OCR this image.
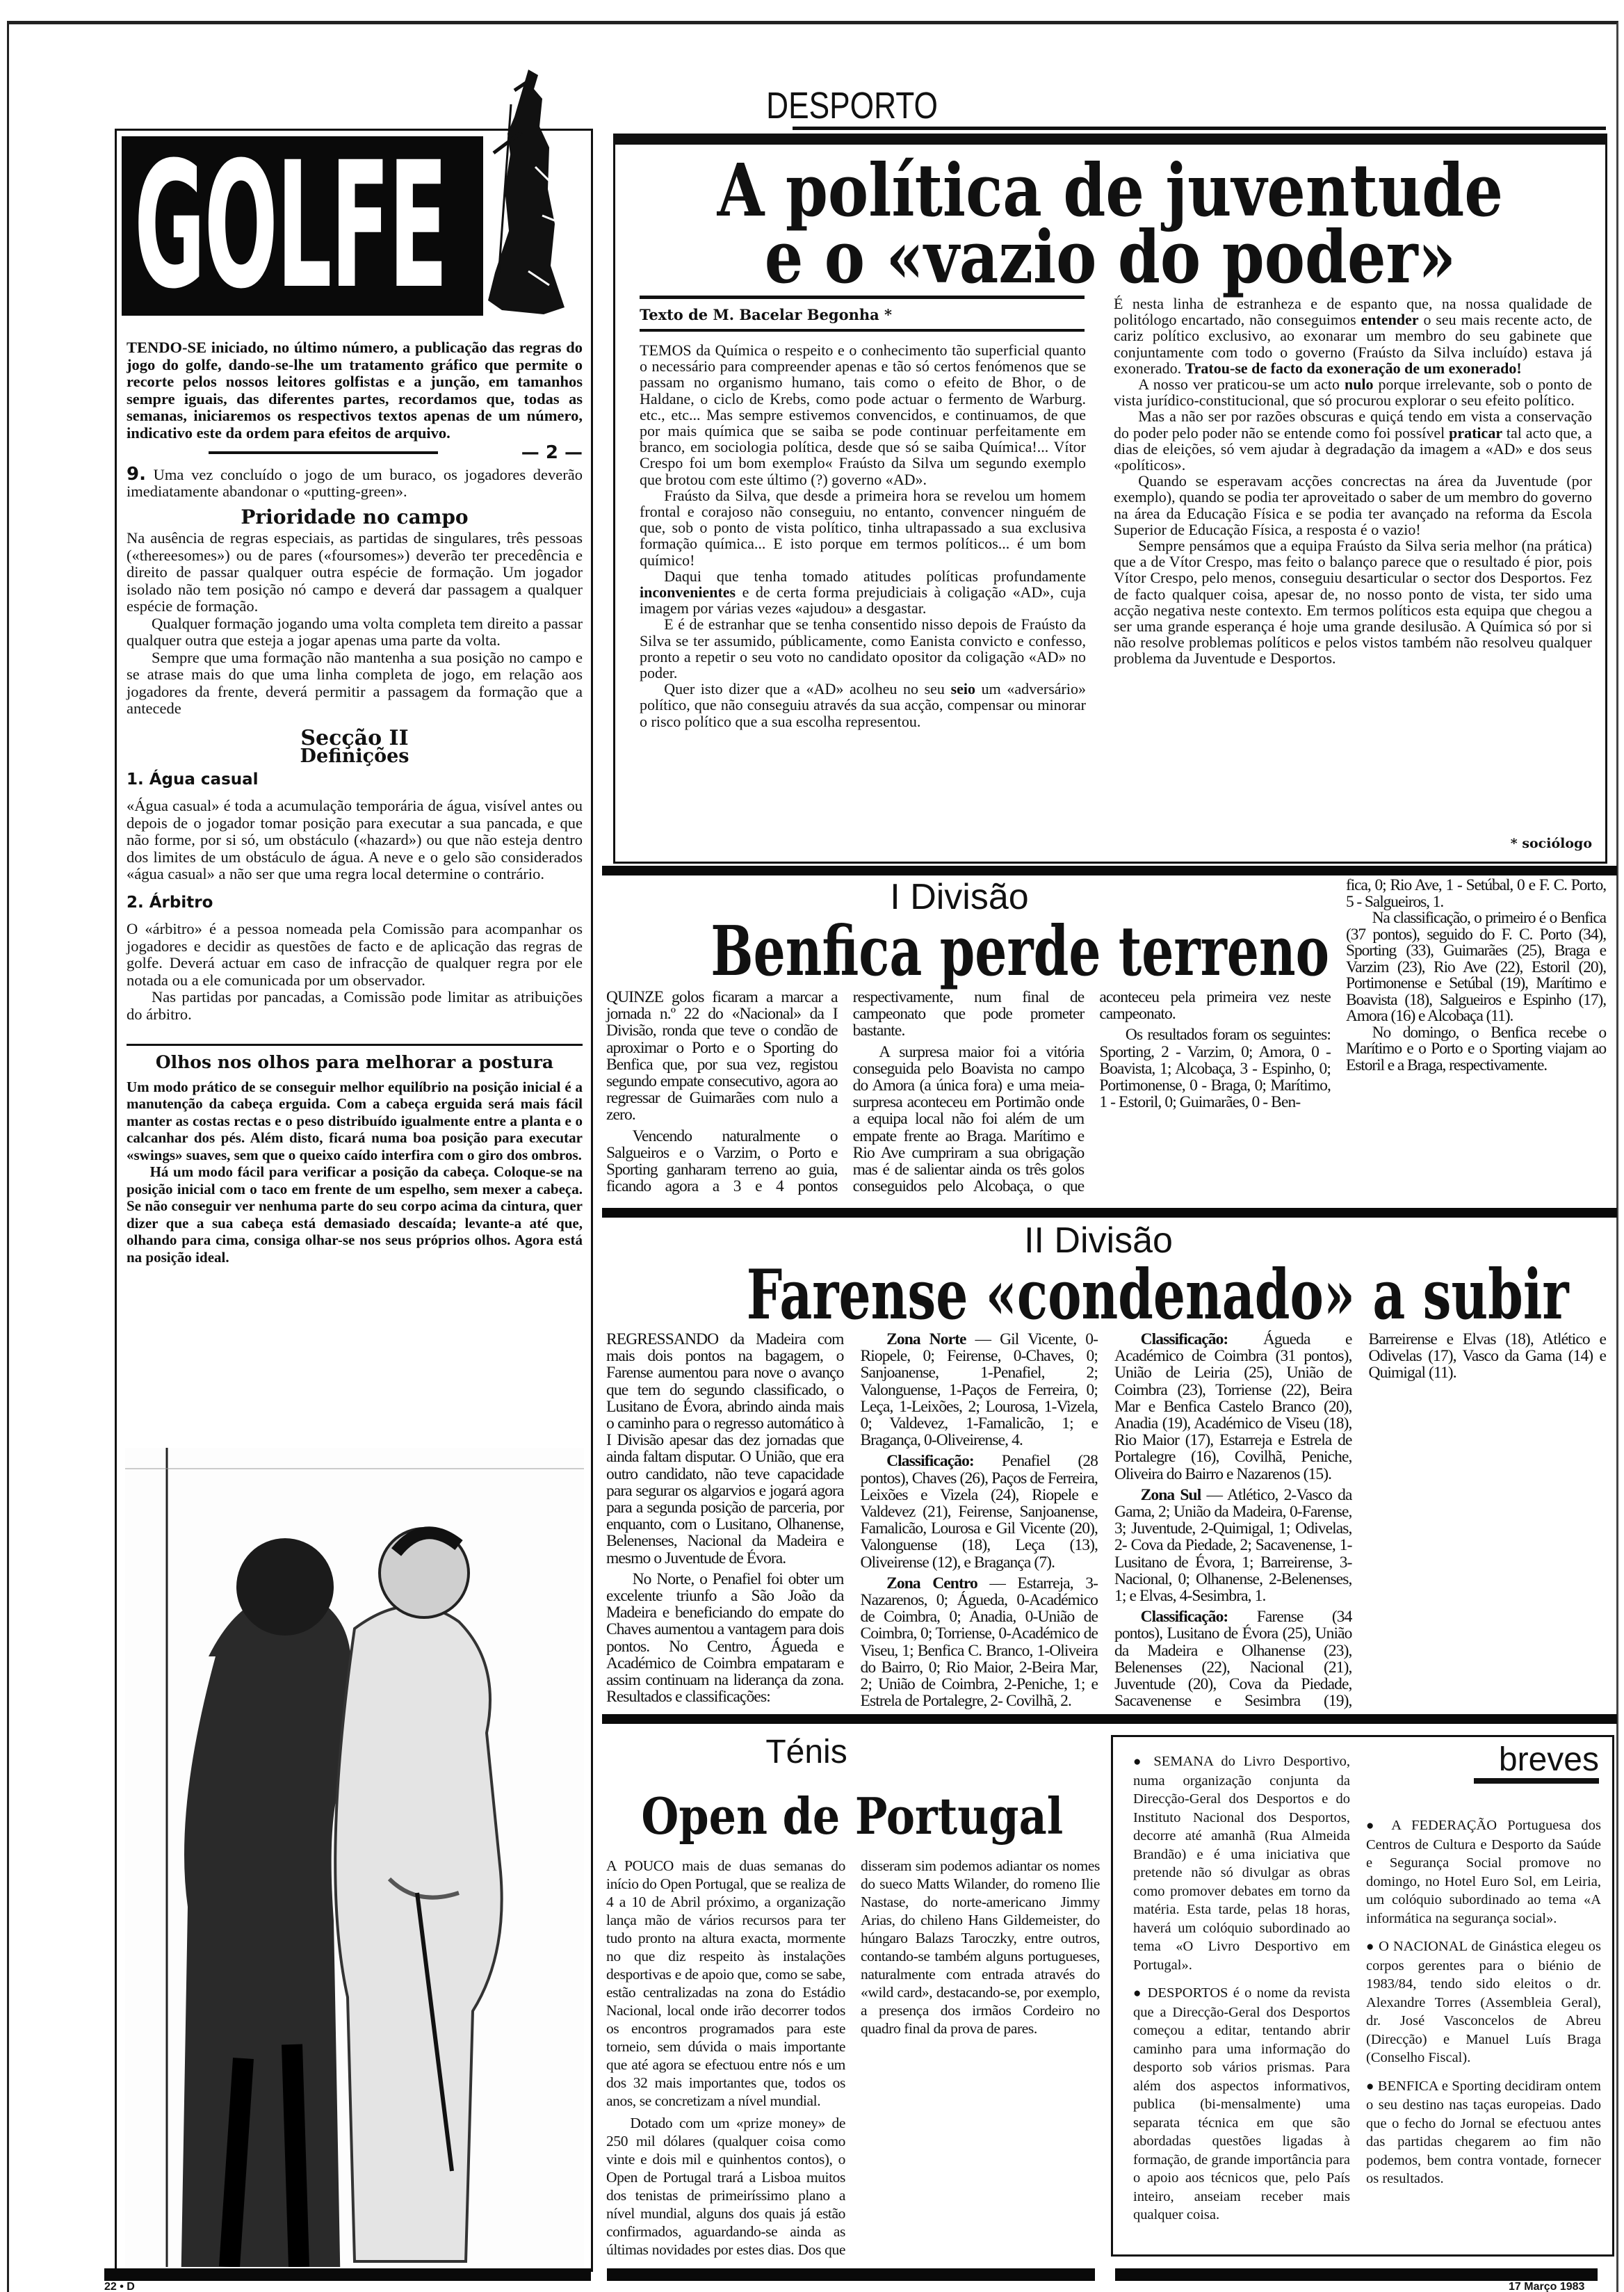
DESPORTO
GOLFE

TENDO-SE iniciado, no último número, a publicação das regras do jogo do golfe, dando-se-lhe um tratamento gráfico que permite o recorte pelos nossos leitores golfistas e a junção, em tamanhos sempre iguais, das diferentes partes, recordamos que, todas as semanas, iniciaremos os respectivos textos apenas de um número, indicativo este da ordem para efeitos de arquivo.

— 2 —

9. Uma vez concluído o jogo de um buraco, os jogadores deverão imediatamente abandonar o «putting-green».

Prioridade no campo

Na ausência de regras especiais, as partidas de singulares, três pessoas («thereesomes») ou de pares («foursomes») deverão ter precedência e direito de passar qualquer outra espécie de formação. Um jogador isolado não tem posição nó campo e deverá dar passagem a qualquer espécie de formação.

Qualquer formação jogando uma volta completa tem direito a passar qualquer outra que esteja a jogar apenas uma parte da volta.

Sempre que uma formação não mantenha a sua posição no campo e se atrase mais do que uma linha completa de jogo, em relação aos jogadores da frente, deverá permitir a passagem da formação que a antecede

Secção II
Definições
1. Água casual

«Água casual» é toda a acumulação temporária de água, visível antes ou depois de o jogador tomar posição para executar a sua pancada, e que não forme, por si só, um obstáculo («hazard») ou que não esteja dentro dos limites de um obstáculo de água. A neve e o gelo são considerados «água casual» a não ser que uma regra local determine o contrário.

2. Árbitro

O «árbitro» é a pessoa nomeada pela Comissão para acompanhar os jogadores e decidir as questões de facto e de aplicação das regras de golfe. Deverá actuar em caso de infracção de qualquer regra por ele notada ou a ele comunicada por um observador.

Nas partidas por pancadas, a Comissão pode limitar as atribuições do árbitro.

Olhos nos olhos para melhorar a postura

Um modo prático de se conseguir melhor equilíbrio na posição inicial é a manutenção da cabeça erguida. Com a cabeça erguida será mais fácil manter as costas rectas e o peso distribuído igualmente entre a planta e o calcanhar dos pés. Além disto, ficará numa boa posição para executar «swings» suaves, sem que o queixo caído interfira com o giro dos ombros.

Há um modo fácil para verificar a posição da cabeça. Coloque-se na posição inicial com o taco em frente de um espelho, sem mexer a cabeça. Se não conseguir ver nenhuma parte do seu corpo acima da cintura, quer dizer que a sua cabeça está demasiado descaída; levante-a até que, olhando para cima, consiga olhar-se nos seus próprios olhos. Agora está na posição ideal.

A política de juventude
e o «vazio do poder»
Texto de M. Bacelar Begonha *

TEMOS da Química o respeito e o conhecimento tão superficial quanto o necessário para compreender apenas e tão só certos fenómenos que se passam no organismo humano, tais como o efeito de Bhor, o de Haldane, o ciclo de Krebs, como pode actuar o fermento de Warburg. etc., etc... Mas sempre estivemos convencidos, e continuamos, de que por mais química que se saiba se pode continuar perfeitamente em branco, em sociologia política, desde que só se saiba Química!... Vítor Crespo foi um bom exemplo« Fraústo da Silva um segundo exemplo que brotou com este último (?) governo «AD».

Fraústo da Silva, que desde a primeira hora se revelou um homem frontal e corajoso não conseguiu, no entanto, convencer ninguém de que, sob o ponto de vista político, tinha ultrapassado a sua exclusiva formação química... E isto porque em termos políticos... é um bom químico!

Daqui que tenha tomado atitudes políticas profundamente inconvenientes e de certa forma prejudiciais à coligação «AD», cuja imagem por várias vezes «ajudou» a desgastar.

E é de estranhar que se tenha consentido nisso depois de Fraústo da Silva se ter assumido, públicamente, como Eanista convicto e confesso, pronto a repetir o seu voto no candidato opositor da coligação «AD» no poder.

Quer isto dizer que a «AD» acolheu no seu seio um «adversário» político, que não conseguiu através da sua acção, compensar ou minorar o risco político que a sua escolha representou.

É nesta linha de estranheza e de espanto que, na nossa qualidade de politólogo encartado, não conseguimos entender o seu mais recente acto, de cariz político exclusivo, ao exonarar um membro do seu gabinete que conjuntamente com todo o governo (Fraústo da Silva incluído) estava já exonerado. Tratou-se de facto da exoneração de um exonerado!

A nosso ver praticou-se um acto nulo porque irrelevante, sob o ponto de vista jurídico-constitucional, que só procurou explorar o seu efeito político.

Mas a não ser por razões obscuras e quiçá tendo em vista a conservação do poder pelo poder não se entende como foi possível praticar tal acto que, a dias de eleições, só vem ajudar à degradação da imagem a «AD» e dos seus «políticos».

Quando se esperavam acções concrectas na área da Juventude (por exemplo), quando se podia ter aproveitado o saber de um membro do governo na área da Educação Física e se podia ter avançado na reforma da Escola Superior de Educação Física, a resposta é o vazio!

Sempre pensámos que a equipa Fraústo da Silva seria melhor (na prática) que a de Vítor Crespo, mas feito o balanço parece que o resultado é pior, pois Vítor Crespo, pelo menos, conseguiu desarticular o sector dos Desportos. Fez de facto qualquer coisa, apesar de, no nosso ponto de vista, ter sido uma acção negativa neste contexto. Em termos políticos esta equipa que chegou a ser uma grande esperança é hoje uma grande desilusão. A Química só por si não resolve problemas políticos e pelos vistos também não resolveu qualquer problema da Juventude e Desportos.

* sociólogo
I Divisão
Benfica perde terreno

QUINZE golos ficaram a marcar a jornada n.º 22 do «Nacional» da I Divisão, ronda que teve o condão de aproximar o Porto e o Sporting do Benfica que, por sua vez, registou segundo empate consecutivo, agora ao regressar de Guimarães com nulo a zero.

Vencendo naturalmente o Salgueiros e o Varzim, o Porto e Sporting ganharam terreno ao guia, ficando agora a 3 e 4 pontos respectivamente, num final de campeonato que pode prometer bastante.

A surpresa maior foi a vitória conseguida pelo Boavista no campo do Amora (a única fora) e uma meia-surpresa aconteceu em Portimão onde a equipa local não foi além de um empate frente ao Braga. Marítimo e Rio Ave cumpriram a sua obrigação mas é de salientar ainda os três golos conseguidos pelo Alcobaça, o que aconteceu pela primeira vez neste campeonato.

Os resultados foram os seguintes: Sporting, 2 - Varzim, 0; Amora, 0 - Boavista, 1; Alcobaça, 3 - Espinho, 0; Portimonense, 0 - Braga, 0; Marítimo, 1 - Estoril, 0; Guimarães, 0 - Ben-

fica, 0; Rio Ave, 1 - Setúbal, 0 e F. C. Porto, 5 - Salgueiros, 1.

Na classificação, o primeiro é o Benfica (37 pontos), seguido do F. C. Porto (34), Sporting (33), Guimarães (25), Braga e Varzim (23), Rio Ave (22), Estoril (20), Portimonense e Setúbal (19), Marítimo e Boavista (18), Salgueiros e Espinho (17), Amora (16) e Alcobaça (11).

No domingo, o Benfica recebe o Marítimo e o Porto e o Sporting viajam ao Estoril e a Braga, respectivamente.

II Divisão
Farense «condenado» a subir

REGRESSANDO da Madeira com mais dois pontos na bagagem, o Farense aumentou para nove o avanço que tem do segundo classificado, o Lusitano de Évora, abrindo ainda mais o caminho para o regresso automático à I Divisão apesar das dez jornadas que ainda faltam disputar. O União, que era outro candidato, não teve capacidade para segurar os algarvios e jogará agora para a segunda posição de parceria, por enquanto, com o Lusitano, Olhanense, Belenenses, Nacional da Madeira e mesmo o Juventude de Évora.

No Norte, o Penafiel foi obter um excelente triunfo a São João da Madeira e beneficiando do empate do Chaves aumentou a vantagem para dois pontos. No Centro, Águeda e Académico de Coimbra empataram e assim continuam na liderança da zona. Resultados e classificações:

Zona Norte — Gil Vicente, 0-Riopele, 0; Feirense, 0-Chaves, 0; Sanjoanense, 1-Penafiel, 2; Valonguense, 1-Paços de Ferreira, 0; Leça, 1-Leixões, 2; Lourosa, 1-Vizela, 0; Valdevez, 1-Famalicão, 1; e Bragança, 0-Oliveirense, 4.

Classificação: Penafiel (28 pontos), Chaves (26), Paços de Ferreira, Leixões e Vizela (24), Riopele e Valdevez (21), Feirense, Sanjoanense, Famalicão, Lourosa e Gil Vicente (20), Valonguense (18), Leça (13), Oliveirense (12), e Bragança (7).

Zona Centro — Estarreja, 3-Nazarenos, 0; Águeda, 0-Académico de Coimbra, 0; Anadia, 0-União de Coimbra, 0; Torriense, 0-Académico de Viseu, 1; Benfica C. Branco, 1-Oliveira do Bairro, 0; Rio Maior, 2-Beira Mar, 2; União de Coimbra, 2-Peniche, 1; e Estrela de Portalegre, 2- Covilhã, 2.

Classificação: Águeda e Académico de Coimbra (31 pontos), União de Leiria (25), União de Coimbra (23), Torriense (22), Beira Mar e Benfica Castelo Branco (20), Anadia (19), Académico de Viseu (18), Rio Maior (17), Estarreja e Estrela de Portalegre (16), Covilhã, Peniche, Oliveira do Bairro e Nazarenos (15).

Zona Sul — Atlético, 2-Vasco da Gama, 2; União da Madeira, 0-Farense, 3; Juventude, 2-Quimigal, 1; Odivelas, 2- Cova da Piedade, 2; Sacavenense, 1-Lusitano de Évora, 1; Barreirense, 3-Nacional, 0; Olhanense, 2-Belenenses, 1; e Elvas, 4-Sesimbra, 1.

Classificação: Farense (34 pontos), Lusitano de Évora (25), União da Madeira e Olhanense (23), Belenenses (22), Nacional (21), Juventude (20), Cova da Piedade, Sacavenense e Sesimbra (19), Barreirense e Elvas (18), Atlético e Odivelas (17), Vasco da Gama (14) e Quimigal (11).

Ténis
Open de Portugal

A POUCO mais de duas semanas do início do Open Portugal, que se realiza de 4 a 10 de Abril próximo, a organização lança mão de vários recursos para ter tudo pronto na altura exacta, mormente no que diz respeito às instalações desportivas e de apoio que, como se sabe, estão centralizadas na zona do Estádio Nacional, local onde irão decorrer todos os encontros programados para este torneio, sem dúvida o mais importante que até agora se efectuou entre nós e um dos 32 mais importantes que, todos os anos, se concretizam a nível mundial.

Dotado com um «prize money» de 250 mil dólares (qualquer coisa como vinte e dois mil e quinhentos contos), o Open de Portugal trará a Lisboa muitos dos tenistas de primeiríssimo plano a nível mundial, alguns dos quais já estão confirmados, aguardando-se ainda as últimas novidades por estes dias. Dos que disseram sim podemos adiantar os nomes do sueco Matts Wilander, do romeno Ilie Nastase, do norte-americano Jimmy Arias, do chileno Hans Gildemeister, do húngaro Balazs Taroczky, entre outros, contando-se também alguns portugueses, naturalmente com entrada através do «wild card», destacando-se, por exemplo, a presença dos irmãos Cordeiro no quadro final da prova de pares.

breves

● SEMANA do Livro Desportivo, numa organização conjunta da Direcção-Geral dos Desportos e do Instituto Nacional dos Desportos, decorre até amanhã (Rua Almeida Brandão) e é uma iniciativa que pretende não só divulgar as obras como promover debates em torno da matéria. Esta tarde, pelas 18 horas, haverá um colóquio subordinado ao tema «O Livro Desportivo em Portugal».

● DESPORTOS é o nome da revista que a Direcção-Geral dos Desportos começou a editar, tentando abrir caminho para uma informação do desporto sob vários prismas. Para além dos aspectos informativos, publica (bi-mensalmente) uma separata técnica em que são abordadas questões ligadas à formação, de grande importância para o apoio aos técnicos que, pelo País inteiro, anseiam receber mais qualquer coisa.

● A FEDERAÇÃO Portuguesa dos Centros de Cultura e Desporto da Saúde e Segurança Social promove no domingo, no Hotel Euro Sol, em Leiria, um colóquio subordinado ao tema «A informática na segurança social».

● O NACIONAL de Ginástica elegeu os corpos gerentes para o biénio de 1983/84, tendo sido eleitos o dr. Alexandre Torres (Assembleia Geral), dr. José Vasconcelos de Abreu (Direcção) e Manuel Luís Braga (Conselho Fiscal).

● BENFICA e Sporting decidiram ontem o seu destino nas taças europeias. Dado que o fecho do Jornal se efectuou antes das partidas chegarem ao fim não podemos, bem contra vontade, fornecer os resultados.

22 • D	17 Março 1983
